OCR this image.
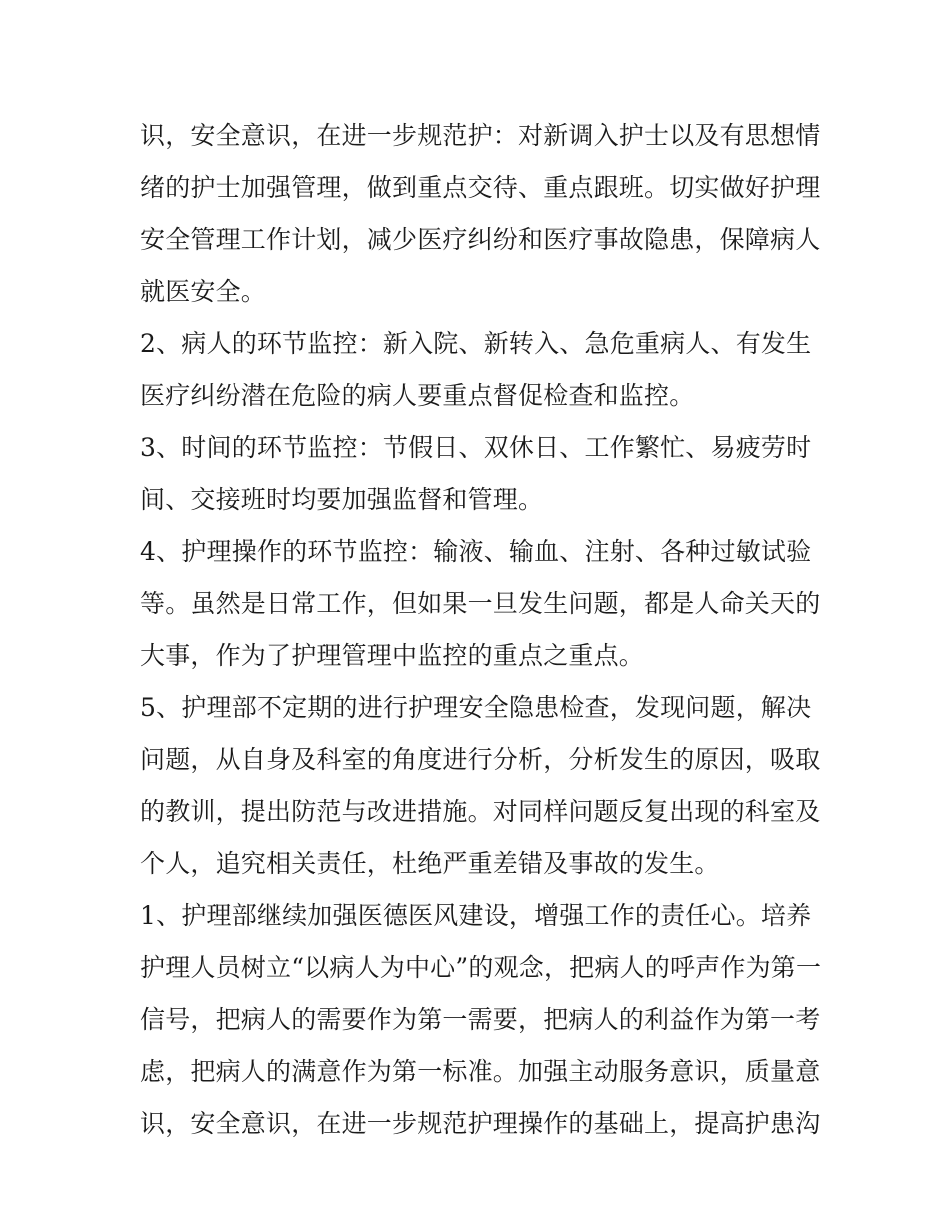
识，安全意识，在进一步规范护：对新调入护士以及有思想情
绪的护士加强管理，做到重点交待、重点跟班。切实做好护理
安全管理工作计划，减少医疗纠纷和医疗事故隐患，保障病人
就医安全。
2、病人的环节监控：新入院、新转入、急危重病人、有发生
医疗纠纷潜在危险的病人要重点督促检查和监控。
3、时间的环节监控：节假日、双休日、工作繁忙、易疲劳时
间、交接班时均要加强监督和管理。
4、护理操作的环节监控：输液、输血、注射、各种过敏试验
等。虽然是日常工作，但如果一旦发生问题，都是人命关天的
大事，作为了护理管理中监控的重点之重点。
5、护理部不定期的进行护理安全隐患检查，发现问题，解决
问题，从自身及科室的角度进行分析，分析发生的原因，吸取
的教训，提出防范与改进措施。对同样问题反复出现的科室及
个人，追究相关责任，杜绝严重差错及事故的发生。
1、护理部继续加强医德医风建设，增强工作的责任心。培养
护理人员树立“以病人为中心”的观念，把病人的呼声作为第一
信号，把病人的需要作为第一需要，把病人的利益作为第一考
虑，把病人的满意作为第一标准。加强主动服务意识，质量意
识，安全意识，在进一步规范护理操作的基础上，提高护患沟
